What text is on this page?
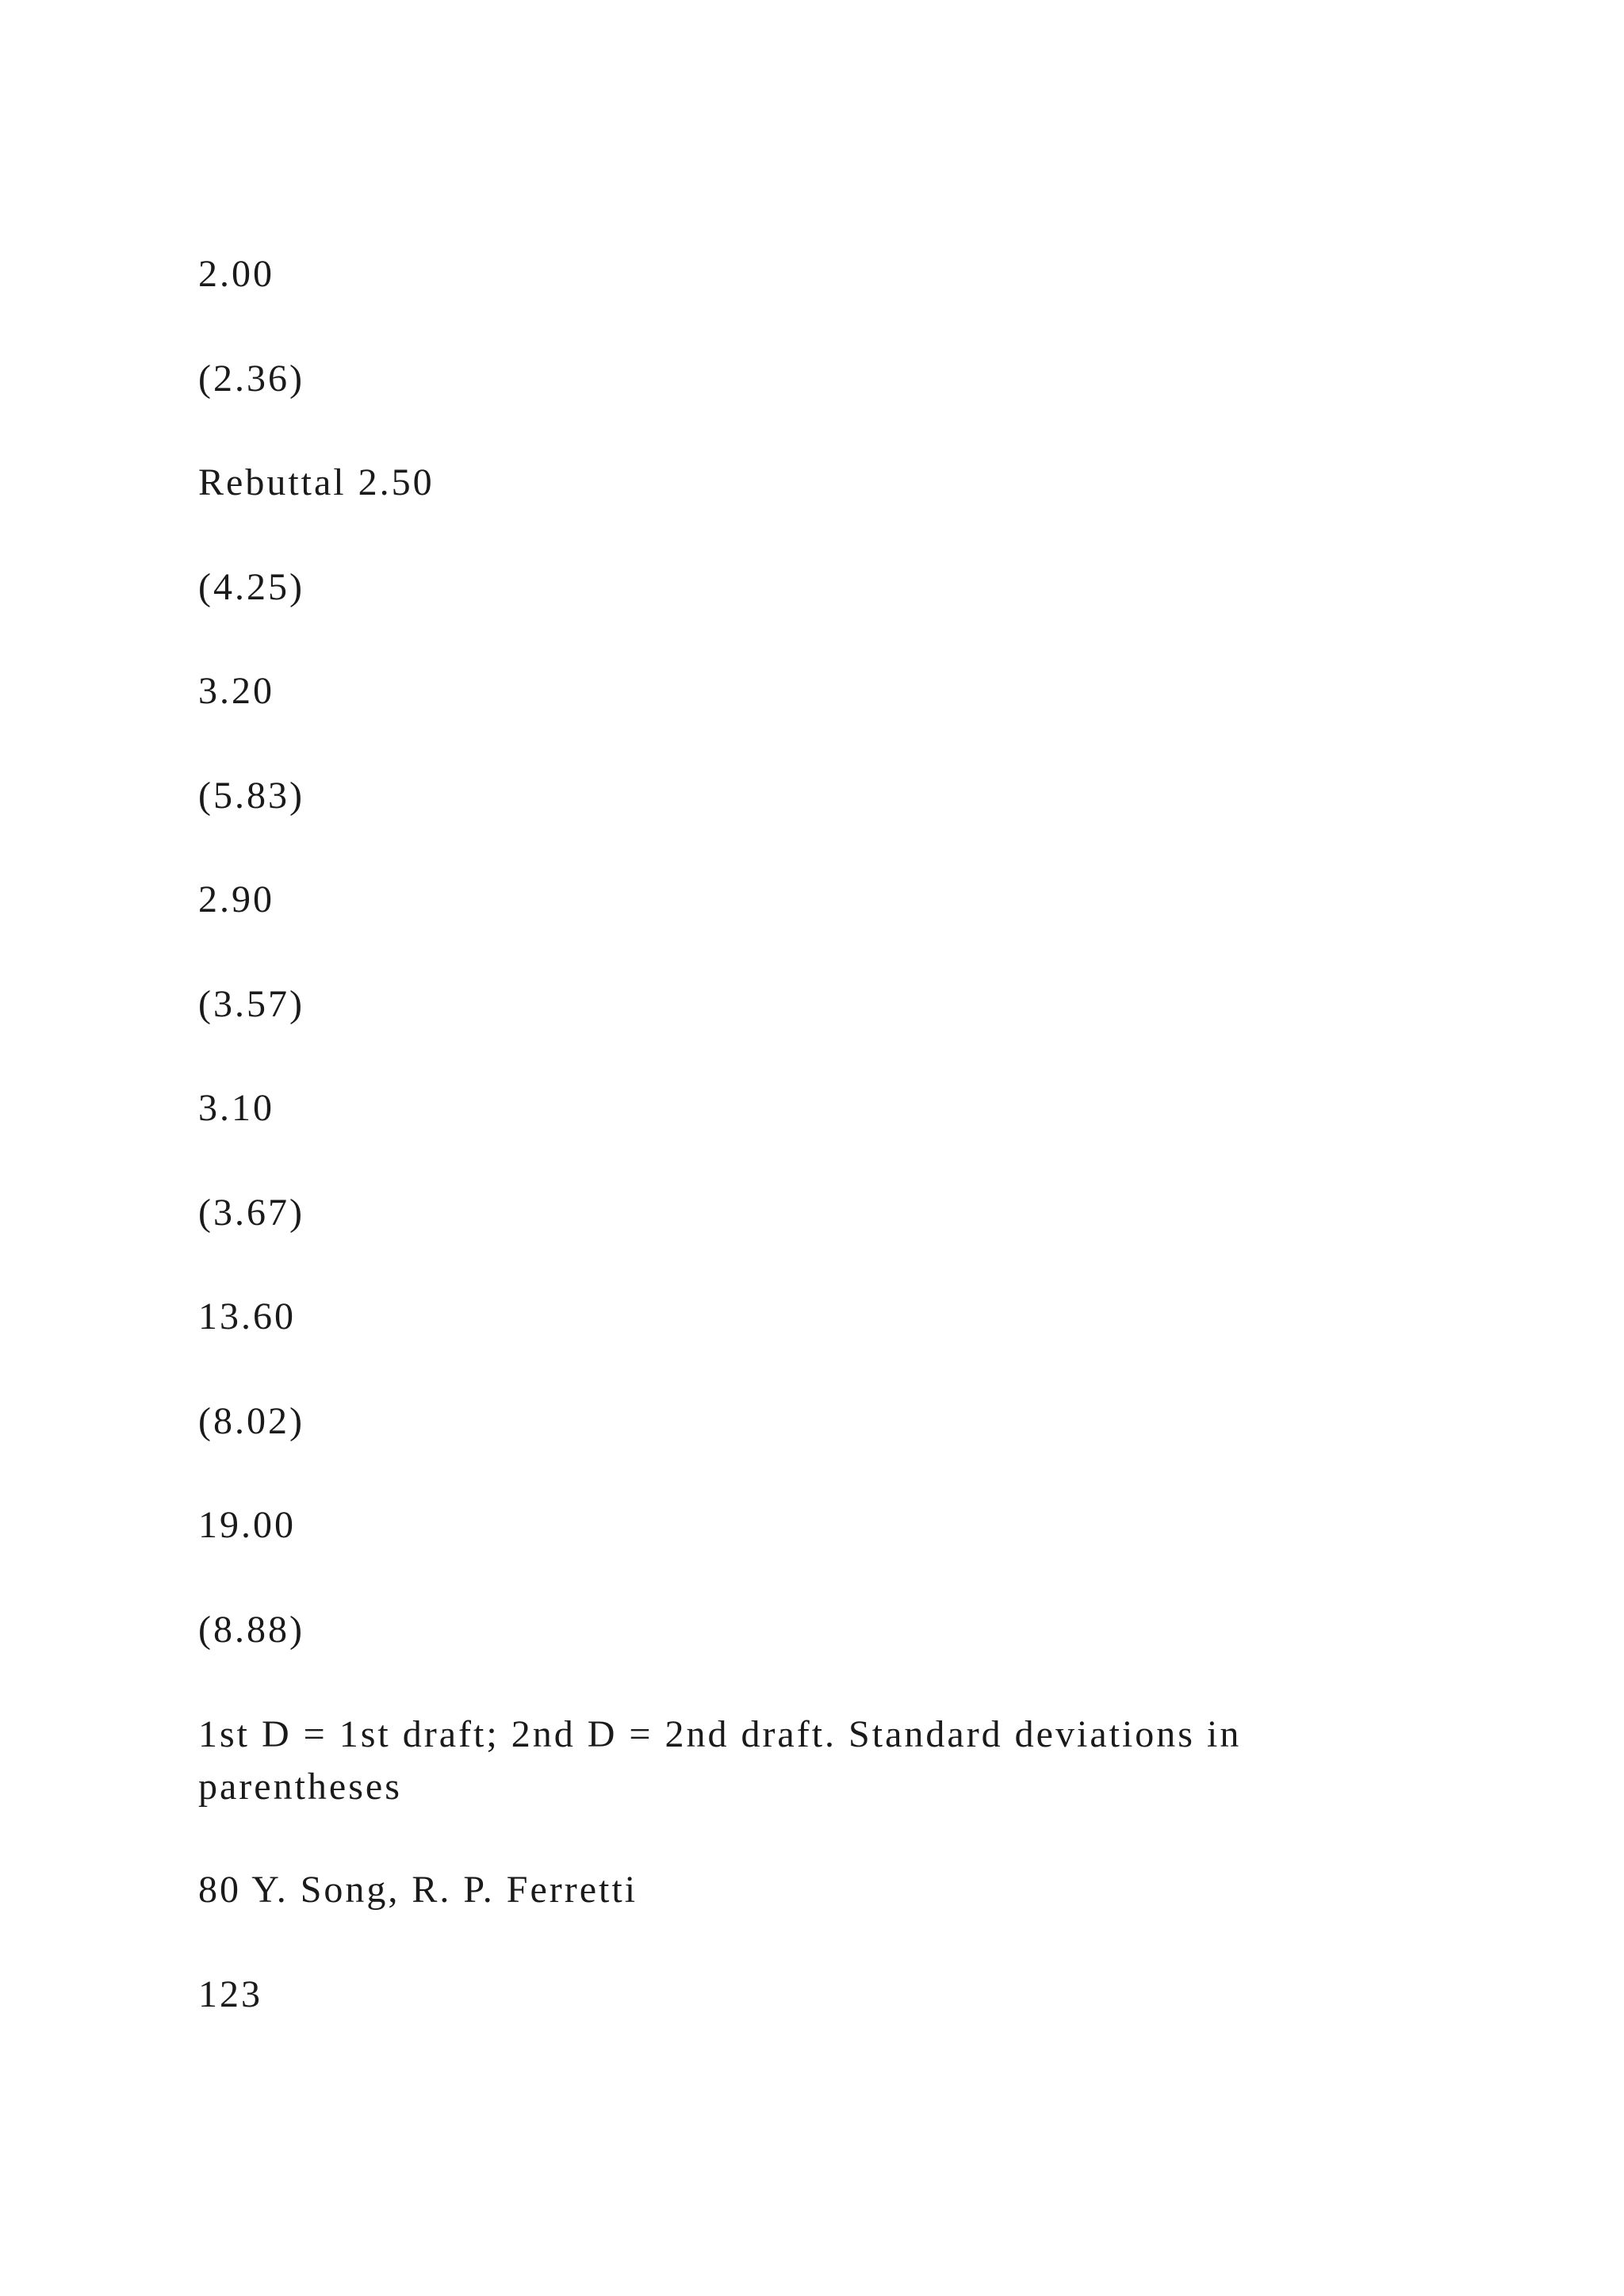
2.00
(2.36)
Rebuttal 2.50
(4.25)
3.20
(5.83)
2.90
(3.57)
3.10
(3.67)
13.60
(8.02)
19.00
(8.88)
1st D = 1st draft; 2nd D = 2nd draft. Standard deviations in parentheses
80 Y. Song, R. P. Ferretti
123
